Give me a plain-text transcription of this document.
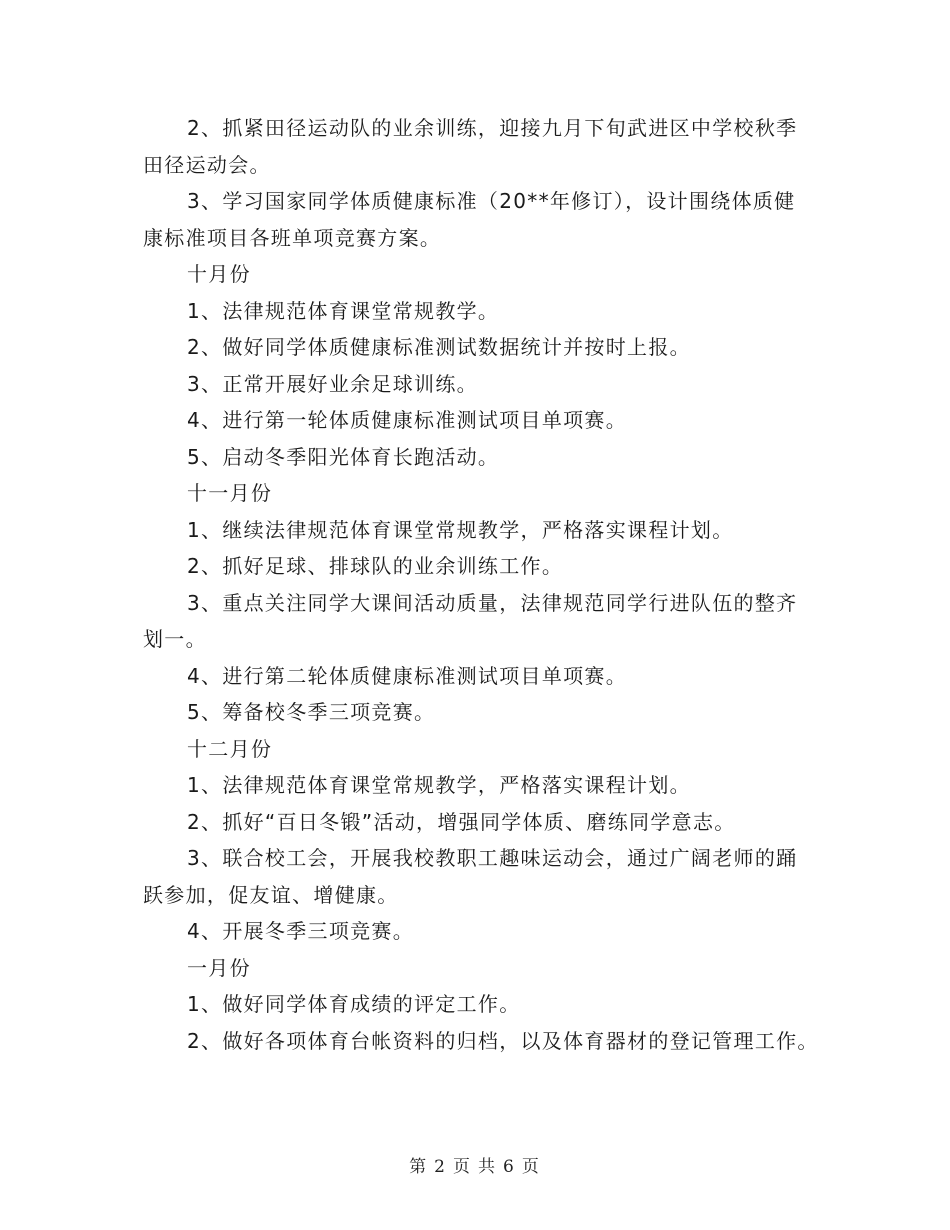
2、抓紧田径运动队的业余训练，迎接九月下旬武进区中学校秋季
田径运动会。
3、学习国家同学体质健康标准（20**年修订），设计围绕体质健
康标准项目各班单项竞赛方案。
十月份
1、法律规范体育课堂常规教学。
2、做好同学体质健康标准测试数据统计并按时上报。
3、正常开展好业余足球训练。
4、进行第一轮体质健康标准测试项目单项赛。
5、启动冬季阳光体育长跑活动。
十一月份
1、继续法律规范体育课堂常规教学，严格落实课程计划。
2、抓好足球、排球队的业余训练工作。
3、重点关注同学大课间活动质量，法律规范同学行进队伍的整齐
划一。
4、进行第二轮体质健康标准测试项目单项赛。
5、筹备校冬季三项竞赛。
十二月份
1、法律规范体育课堂常规教学，严格落实课程计划。
2、抓好“百日冬锻”活动，增强同学体质、磨练同学意志。
3、联合校工会，开展我校教职工趣味运动会，通过广阔老师的踊
跃参加，促友谊、增健康。
4、开展冬季三项竞赛。
一月份
1、做好同学体育成绩的评定工作。
2、做好各项体育台帐资料的归档，以及体育器材的登记管理工作。
第 2 页 共 6 页
